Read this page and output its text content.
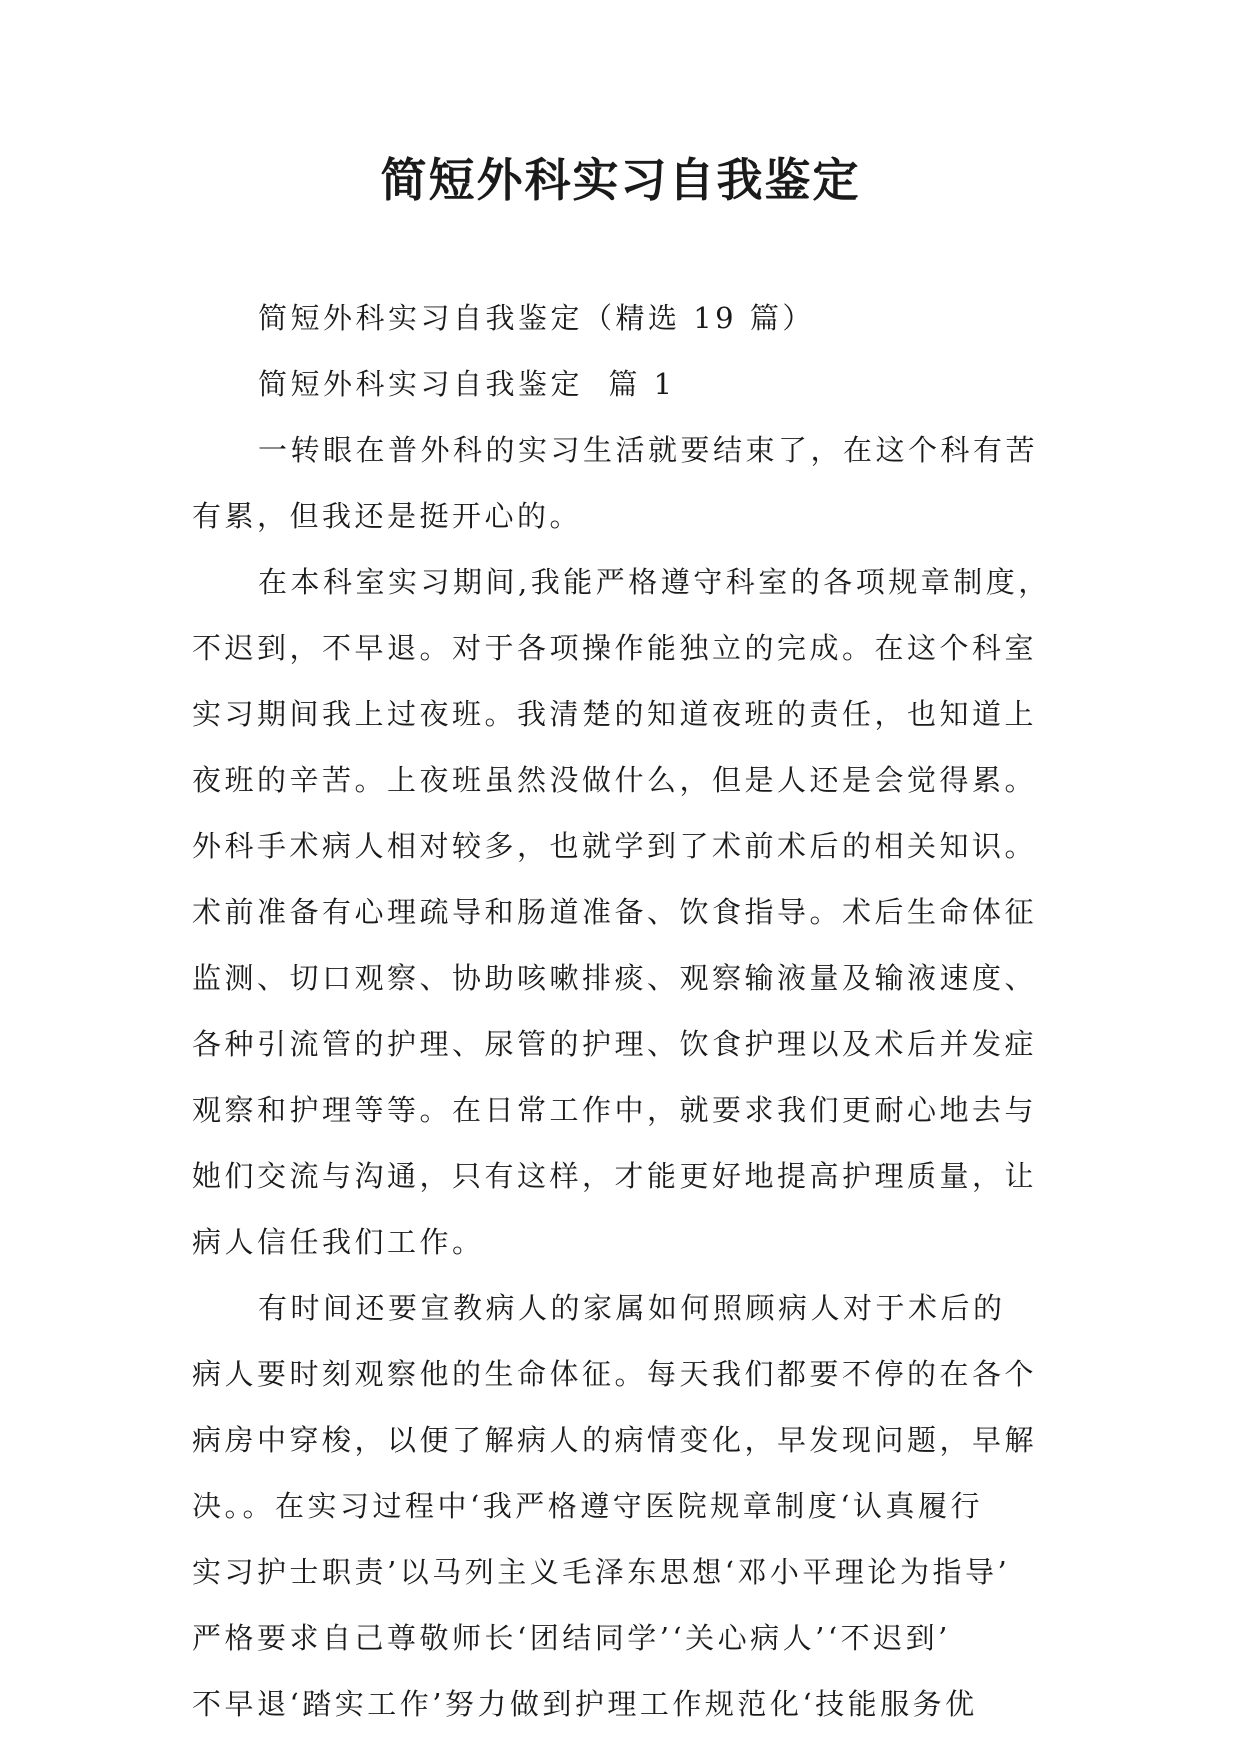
简短外科实习自我鉴定

简短外科实习自我鉴定（精选 19 篇）

简短外科实习自我鉴定  篇 1

一转眼在普外科的实习生活就要结束了，在这个科有苦
有累，但我还是挺开心的。

在本科室实习期间,我能严格遵守科室的各项规章制度，
不迟到，不早退。对于各项操作能独立的完成。在这个科室
实习期间我上过夜班。我清楚的知道夜班的责任，也知道上
夜班的辛苦。上夜班虽然没做什么，但是人还是会觉得累。
外科手术病人相对较多，也就学到了术前术后的相关知识。
术前准备有心理疏导和肠道准备、饮食指导。术后生命体征
监测、切口观察、协助咳嗽排痰、观察输液量及输液速度、
各种引流管的护理、尿管的护理、饮食护理以及术后并发症
观察和护理等等。在日常工作中，就要求我们更耐心地去与
她们交流与沟通，只有这样，才能更好地提高护理质量，让
病人信任我们工作。

有时间还要宣教病人的家属如何照顾病人对于术后的
病人要时刻观察他的生命体征。每天我们都要不停的在各个
病房中穿梭，以便了解病人的病情变化，早发现问题，早解
决。。在实习过程中‘我严格遵守医院规章制度‘认真履行
实习护士职责’以马列主义毛泽东思想‘邓小平理论为指导’
严格要求自己尊敬师长‘团结同学’‘关心病人’‘不迟到’
不早退‘踏实工作’努力做到护理工作规范化‘技能服务优
